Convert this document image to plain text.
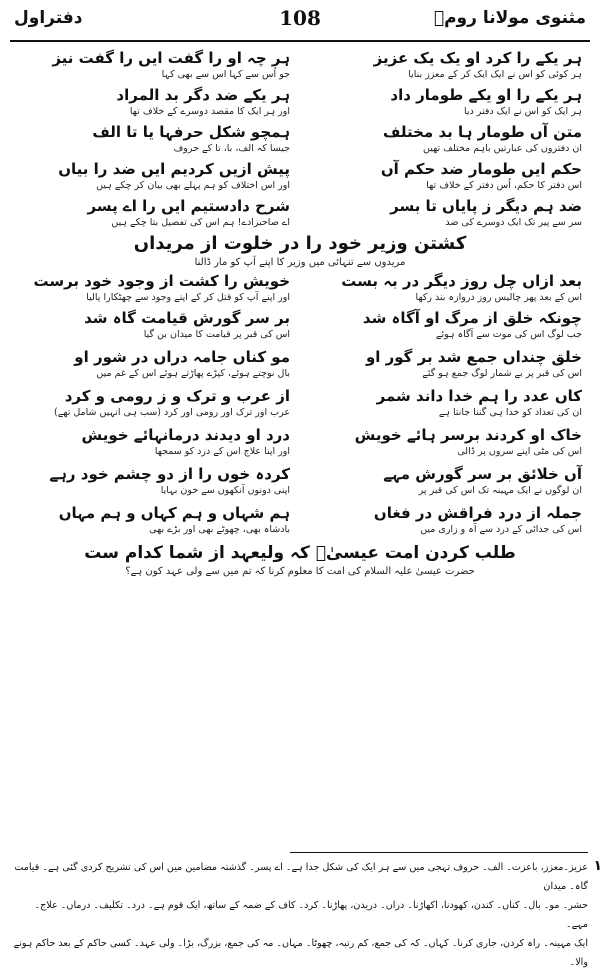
دفتراول	108	مثنوی مولانا رومؒ
ہر یکے را کرد او یک یک عزیز
ہر کوئی کو اس نے ایک ایک کر کے معزز بنایا
ہر چہ او را گفت ایں را گفت نیز
جو اُس سے کہا اس سے بھی کہا
ہر یکے را او یکے طومار داد
ہر ایک کو اس نے ایک دفتر دیا
ہر یکے ضد دگر بد المراد
اور ہر ایک کا مقصد دوسرے کے خلاف تھا
متن آں طومار ہا بد مختلف
ان دفتروں کی عبارتیں باہم مختلف تھیں
ہمچو شکل حرفہا یا تا الف
جیسا کہ الف، با، تا کے حروف
حکم ایں طومار ضد حکم آں
اس دفتر کا حکم، اُس دفتر کے خلاف تھا
پیش ازیں کردیم ایں ضد را بیاں
اور اس اختلاف کو ہم پہلے بھی بیان کر چکے ہیں
ضد ہم دیگر ز پایاں تا بسر
سر سے پیر تک ایک دوسرے کی ضد
شرح دادستیم ایں را اے پسر
اے صاحبزادے! ہم اس کی تفصیل بتا چکے ہیں
کشتن وزیر خود را در خلوت از مریداں
مریدوں سے تنہائی میں وزیر کا اپنے آپ کو مار ڈالنا
بعد ازاں چل روز دیگر در بہ بست
اس کے بعد پھر چالیس روز دروازہ بند رکھا
خویش را کشت از وجود خود برست
اور اپنے آپ کو قتل کر کے اپنے وجود سے چھٹکارا پالیا
چونکہ خلق از مرگ او آگاہ شد
جب لوگ اس کی موت سے آگاہ ہوئے
بر سر گورش قیامت گاہ شد
اس کی قبر پر قیامت کا میدان بن گیا
خلق چنداں جمع شد بر گور او
اس کی قبر پر بے شمار لوگ جمع ہو گئے
مو کناں جامہ دراں در شور او
بال نوچتے ہوئے، کپڑے پھاڑتے ہوئے اس کے غم میں
کاں عدد را ہم خدا داند شمر
ان کی تعداد کو خدا ہی گننا جانتا ہے
از عرب و ترک و ز رومی و کرد
عرب اور ترک اور رومی اور کرد (سب ہی انہیں شامل تھے)
خاک او کردند برسر ہائے خویش
اس کی مٹی اپنے سروں پر ڈالی
درد او دیدند درمانہائے خویش
اور اپنا علاج اس کے درد کو سمجھا
آں خلائق بر سر گورش مہے
ان لوگوں نے ایک مہینہ تک اس کی قبر پر
کردہ خوں را از دو چشم خود رہے
اپنی دونوں آنکھوں سے خون بہایا
جملہ از درد فراقش در فغاں
اس کی جدائی کے درد سے آہ و زاری میں
ہم شہاں و ہم کہاں و ہم مہاں
بادشاہ بھی، چھوٹے بھی اور بڑے بھی
طلب کردن امت عیسیٰؑ کہ ولیعہد از شما کدام ست
حضرت عیسیٰ علیہ السلام کی امت کا معلوم کرنا کہ تم میں سے ولی عہد کون ہے؟
١
عزیز۔معزز، باعزت۔ الف۔ حروف تہجی میں سے ہر ایک کی شکل جدا ہے۔ اے پسر۔ گذشتہ مضامین میں اس کی تشریح کردی گئی ہے۔ قیامت گاہ۔ میدان
حشر۔ مو۔ بال۔ کناں۔ کندن، کھودنا، اکھاڑنا۔ دراں۔ دریدن، پھاڑنا۔ کرد۔ کاف کے ضمہ کے ساتھ، ایک قوم ہے۔ درد۔ تکلیف۔ درماں۔ علاج۔ مہے۔
ایک مہینہ۔ راہ کردن، جاری کرنا۔ کہاں۔ کہ کی جمع، کم رتبہ، چھوٹا۔ مہاں۔ مہ کی جمع، بزرگ، بڑا۔ ولی عہد۔ کسی حاکم کے بعد حاکم ہونے والا۔
